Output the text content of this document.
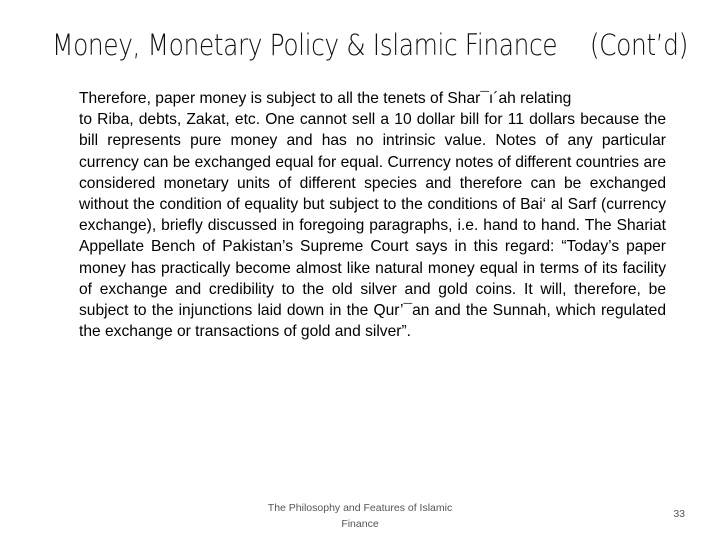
Money, Monetary Policy & Islamic Finance (Cont’d)

Therefore, paper money is subject to all the tenets of Shar¯ı´ah relating
to Riba, debts, Zakat, etc. One cannot sell a 10 dollar bill for 11 dollars because the bill represents pure money and has no intrinsic value. Notes of any particular currency can be exchanged equal for equal. Currency notes of different countries are considered monetary units of different species and therefore can be exchanged without the condition of equality but subject to the conditions of Bai‘ al Sarf (currency exchange), briefly discussed in foregoing paragraphs, i.e. hand to hand. The Shariat Appellate Bench of Pakistan’s Supreme Court says in this regard: “Today’s paper money has practically become almost like natural money equal in terms of its facility of exchange and credibility to the old silver and gold coins. It will, therefore, be subject to the injunctions laid down in the Qur’¯an and the Sunnah, which regulated the exchange or transactions of gold and silver”.

The Philosophy and Features of Islamic Finance
33
